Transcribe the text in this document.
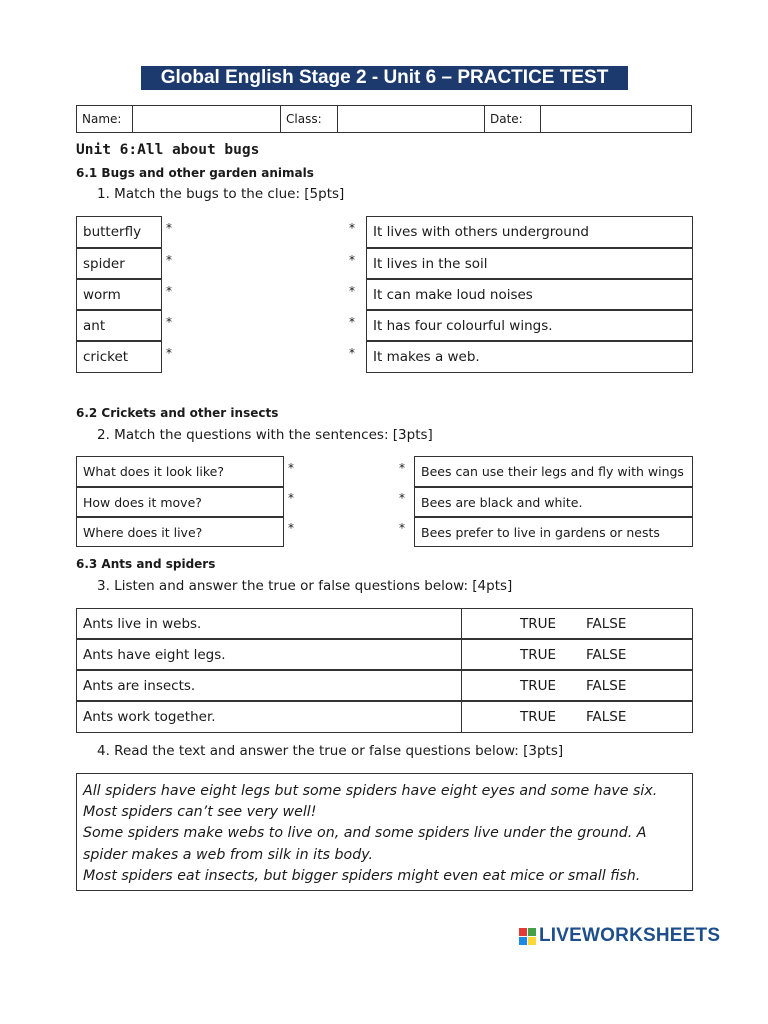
Global English Stage 2 - Unit 6 – PRACTICE TEST
Name:	Class:	Date:
Unit 6:All about bugs
6.1 Bugs and other garden animals
1. Match the bugs to the clue: [5pts]
butterfly
spider
worm
ant
cricket
*
*
*
*
*
*
*
*
*
*
It lives with others underground
It lives in the soil
It can make loud noises
It has four colourful wings.
It makes a web.
6.2 Crickets and other insects
2. Match the questions with the sentences: [3pts]
What does it look like?
How does it move?
Where does it live?
*
*
*
*
*
*
Bees can use their legs and fly with wings
Bees are black and white.
Bees prefer to live in gardens or nests
6.3 Ants and spiders
3. Listen and answer the true or false questions below: [4pts]
Ants live in webs.
Ants have eight legs.
Ants are insects.
Ants work together.
TRUE FALSE
TRUE FALSE
TRUE FALSE
TRUE FALSE
4. Read the text and answer the true or false questions below: [3pts]
All spiders have eight legs but some spiders have eight eyes and some have six.
Most spiders can’t see very well!
Some spiders make webs to live on, and some spiders live under the ground. A
spider makes a web from silk in its body.
Most spiders eat insects, but bigger spiders might even eat mice or small fish.
LIVEWORKSHEETS
